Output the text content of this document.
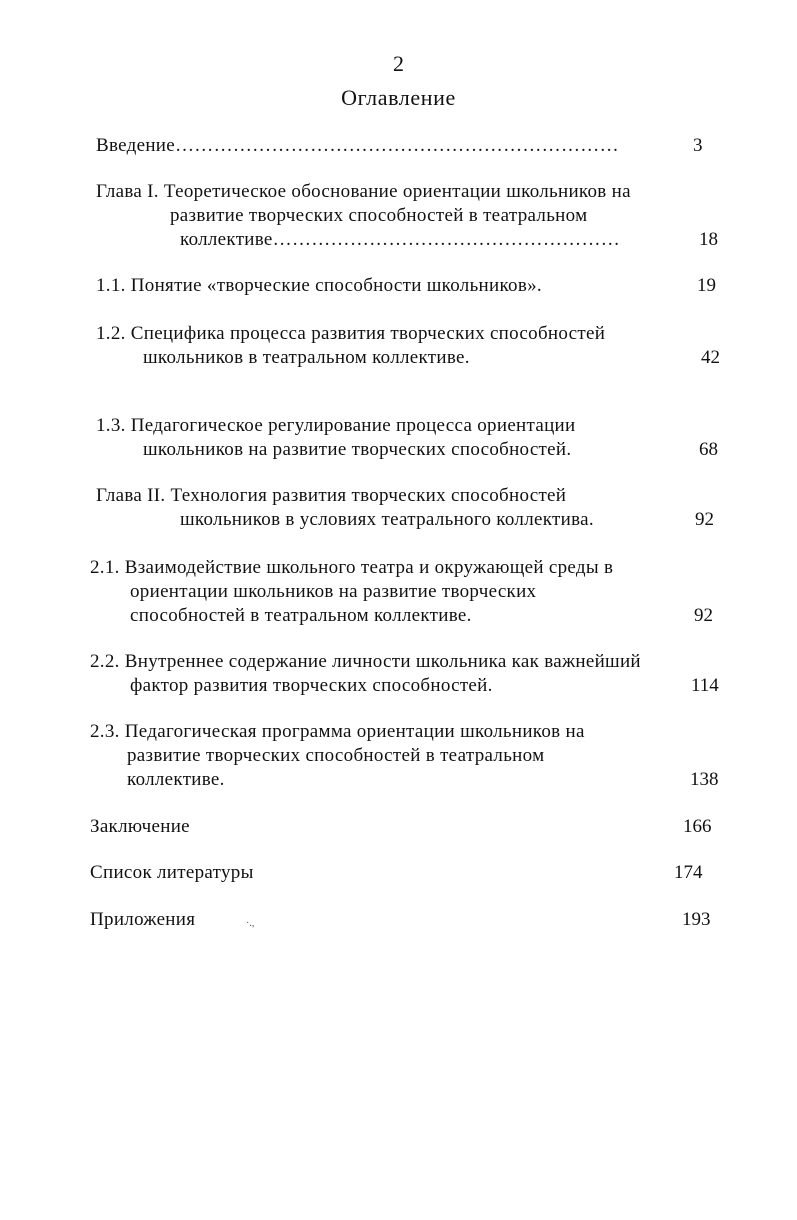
2
Оглавление
Введение……………………………………………………………	3
Глава I. Теоретическое обоснование ориентации школьников на
развитие творческих способностей в театральном
коллективе………………………………………………	18
1.1. Понятие «творческие способности школьников».	19
1.2. Специфика процесса развития творческих способностей
школьников в театральном коллективе.	42
1.3. Педагогическое регулирование процесса ориентации
школьников на развитие творческих способностей.	68
Глава II. Технология развития творческих способностей
школьников в условиях театрального коллектива.	92
2.1. Взаимодействие школьного театра и окружающей среды в
ориентации школьников на развитие творческих
способностей в театральном коллективе.	92
2.2. Внутреннее содержание личности школьника как важнейший
фактор развития творческих способностей.	114
2.3. Педагогическая программа ориентации школьников на
развитие творческих способностей в театральном
коллективе.	138
Заключение	166
Список литературы	174
Приложения	·.,	193
